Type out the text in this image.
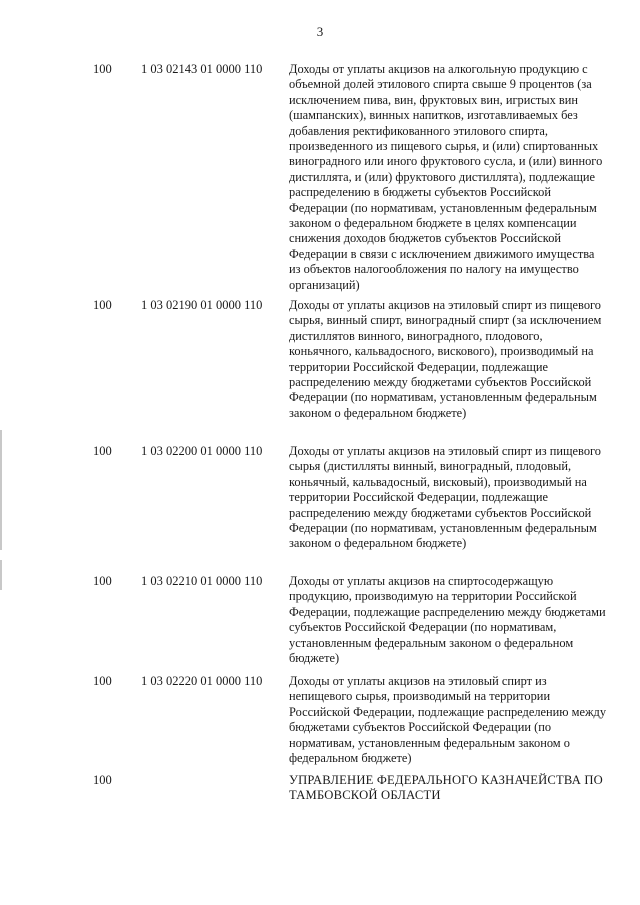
3
100 1 03 02143 01 0000 110 Доходы от уплаты акцизов на алкогольную продукцию с объемной долей этилового спирта свыше 9 процентов (за исключением пива, вин, фруктовых вин, игристых вин (шампанских), винных напитков, изготавливаемых без добавления ректификованного этилового спирта, произведенного из пищевого сырья, и (или) спиртованных виноградного или иного фруктового сусла, и (или) винного дистиллята, и (или) фруктового дистиллята), подлежащие распределению в бюджеты субъектов Российской Федерации (по нормативам, установленным федеральным законом о федеральном бюджете в целях компенсации снижения доходов бюджетов субъектов Российской Федерации в связи с исключением движимого имущества из объектов налогообложения по налогу на имущество организаций)
100 1 03 02190 01 0000 110 Доходы от уплаты акцизов на этиловый спирт из пищевого сырья, винный спирт, виноградный спирт (за исключением дистиллятов винного, виноградного, плодового, коньячного, кальвадосного, вискового), производимый на территории Российской Федерации, подлежащие распределению между бюджетами субъектов Российской Федерации (по нормативам, установленным федеральным законом о федеральном бюджете)
100 1 03 02200 01 0000 110 Доходы от уплаты акцизов на этиловый спирт из пищевого сырья (дистилляты винный, виноградный, плодовый, коньячный, кальвадосный, висковый), производимый на территории Российской Федерации, подлежащие распределению между бюджетами субъектов Российской Федерации (по нормативам, установленным федеральным законом о федеральном бюджете)
100 1 03 02210 01 0000 110 Доходы от уплаты акцизов на спиртосодержащую продукцию, производимую на территории Российской Федерации, подлежащие распределению между бюджетами субъектов Российской Федерации (по нормативам, установленным федеральным законом о федеральном бюджете)
100 1 03 02220 01 0000 110 Доходы от уплаты акцизов на этиловый спирт из непищевого сырья, производимый на территории Российской Федерации, подлежащие распределению между бюджетами субъектов Российской Федерации (по нормативам, установленным федеральным законом о федеральном бюджете)
100	УПРАВЛЕНИЕ ФЕДЕРАЛЬНОГО КАЗНАЧЕЙСТВА ПО ТАМБОВСКОЙ ОБЛАСТИ
